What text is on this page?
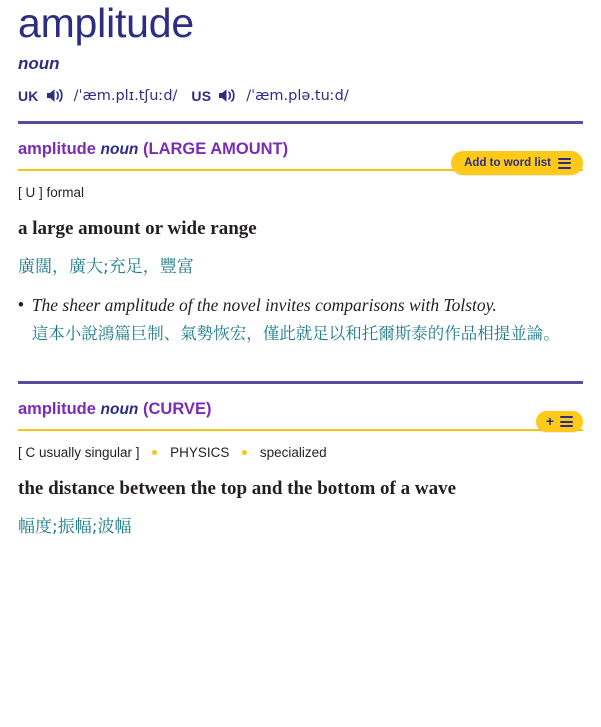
amplitude
noun
UK /ˈæm.plɪ.tʃuːd/ US /ˈæm.plə.tuːd/
amplitude noun (LARGE AMOUNT)
Add to word list
[ U ] formal
a large amount or wide range
廣闊，廣大;充足，豐富
• The sheer amplitude of the novel invites comparisons with Tolstoy.
這本小說鴻篇巨制、氣勢恢宏，僅此就足以和托爾斯泰的作品相提並論。
amplitude noun (CURVE)
+
[ C usually singular ] PHYSICS specialized
the distance between the top and the bottom of a wave
幅度;振幅;波幅
